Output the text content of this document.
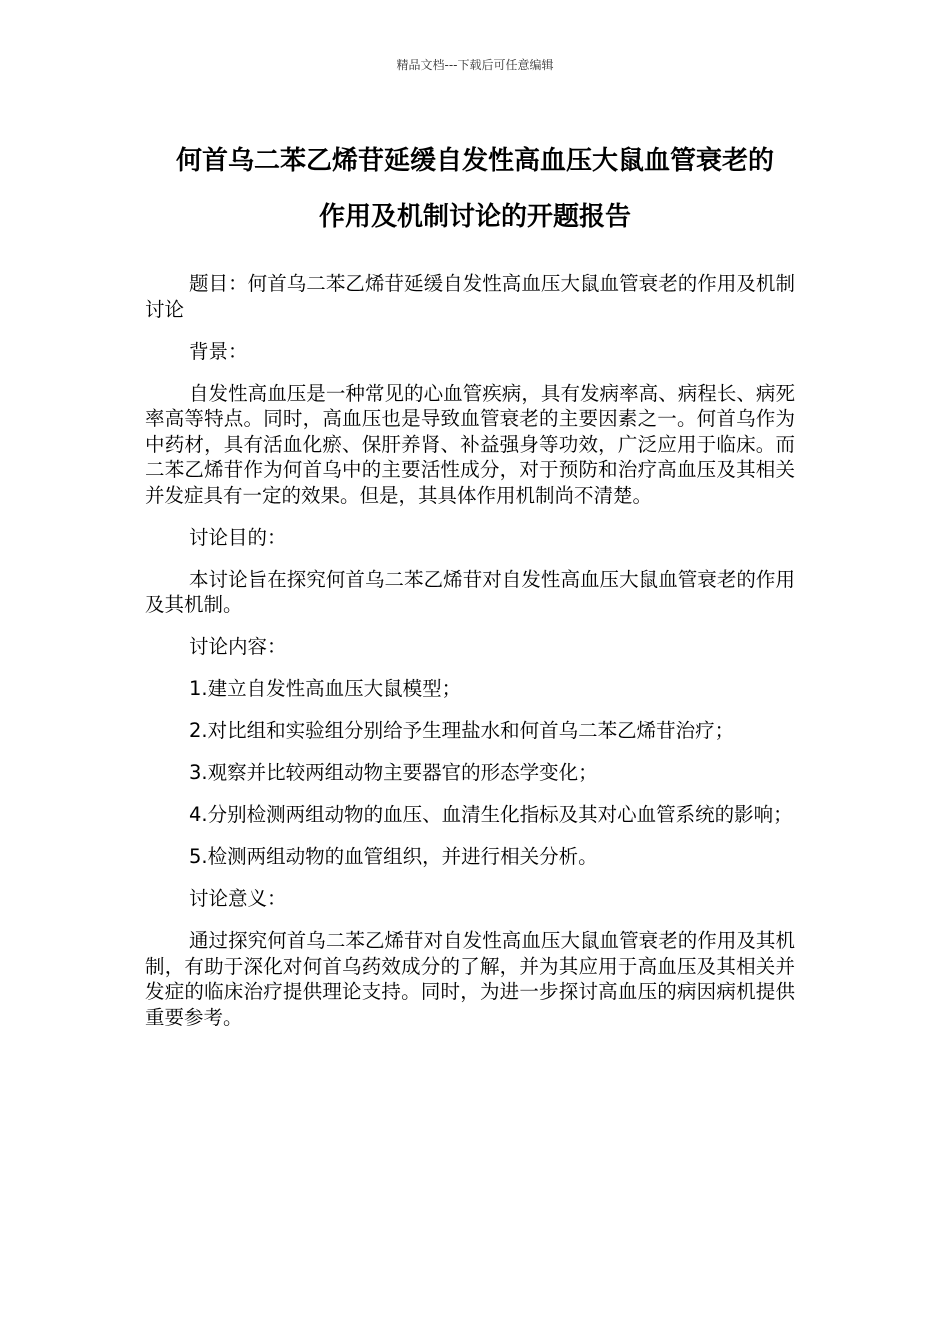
精品文档---下载后可任意编辑
何首乌二苯乙烯苷延缓自发性高血压大鼠血管衰老的
作用及机制讨论的开题报告

题目：何首乌二苯乙烯苷延缓自发性高血压大鼠血管衰老的作用及机制讨论

背景：

自发性高血压是一种常见的心血管疾病，具有发病率高、病程长、病死率高等特点。同时，高血压也是导致血管衰老的主要因素之一。何首乌作为中药材，具有活血化瘀、保肝养肾、补益强身等功效，广泛应用于临床。而二苯乙烯苷作为何首乌中的主要活性成分，对于预防和治疗高血压及其相关并发症具有一定的效果。但是，其具体作用机制尚不清楚。

讨论目的：

本讨论旨在探究何首乌二苯乙烯苷对自发性高血压大鼠血管衰老的作用及其机制。

讨论内容：

1.建立自发性高血压大鼠模型；

2.对比组和实验组分别给予生理盐水和何首乌二苯乙烯苷治疗；

3.观察并比较两组动物主要器官的形态学变化；

4.分别检测两组动物的血压、血清生化指标及其对心血管系统的影响；

5.检测两组动物的血管组织，并进行相关分析。

讨论意义：

通过探究何首乌二苯乙烯苷对自发性高血压大鼠血管衰老的作用及其机制，有助于深化对何首乌药效成分的了解，并为其应用于高血压及其相关并发症的临床治疗提供理论支持。同时，为进一步探讨高血压的病因病机提供重要参考。
